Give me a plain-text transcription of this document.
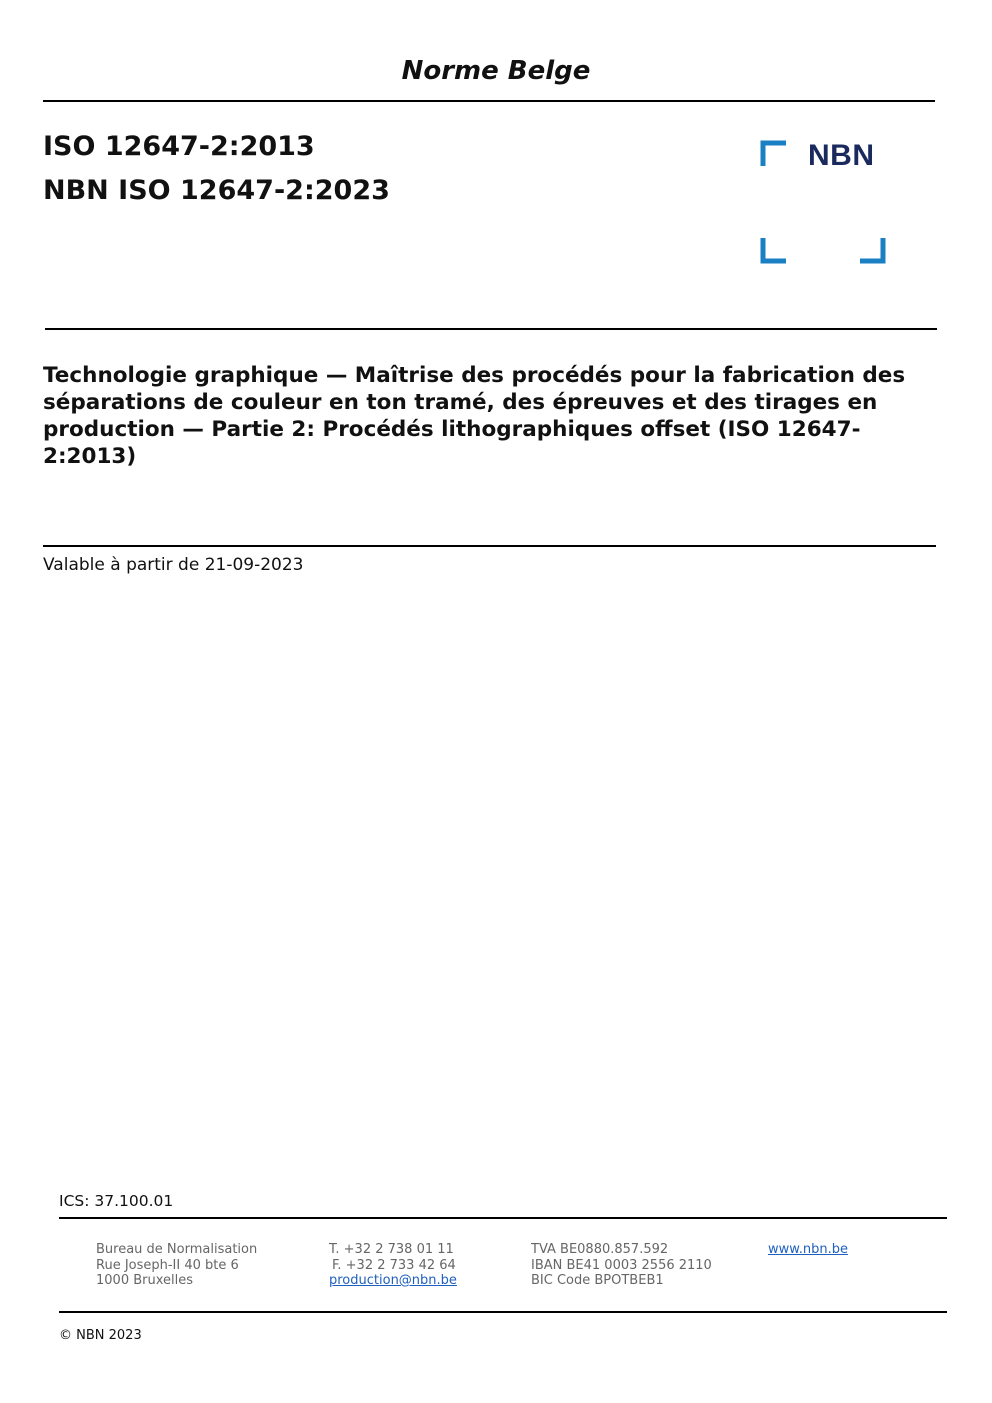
Norme Belge
ISO 12647-2:2013
NBN ISO 12647-2:2023
NBN
Technologie graphique — Maîtrise des procédés pour la fabrication des séparations de couleur en ton tramé, des épreuves et des tirages en production — Partie 2: Procédés lithographiques offset (ISO 12647-2:2013)
Valable à partir de 21-09-2023
ICS: 37.100.01
Bureau de Normalisation
Rue Joseph-II 40 bte 6
1000 Bruxelles
T. +32 2 738 01 11
F. +32 2 733 42 64
production@nbn.be
TVA BE0880.857.592
IBAN BE41 0003 2556 2110
BIC Code BPOTBEB1
www.nbn.be
© NBN 2023
